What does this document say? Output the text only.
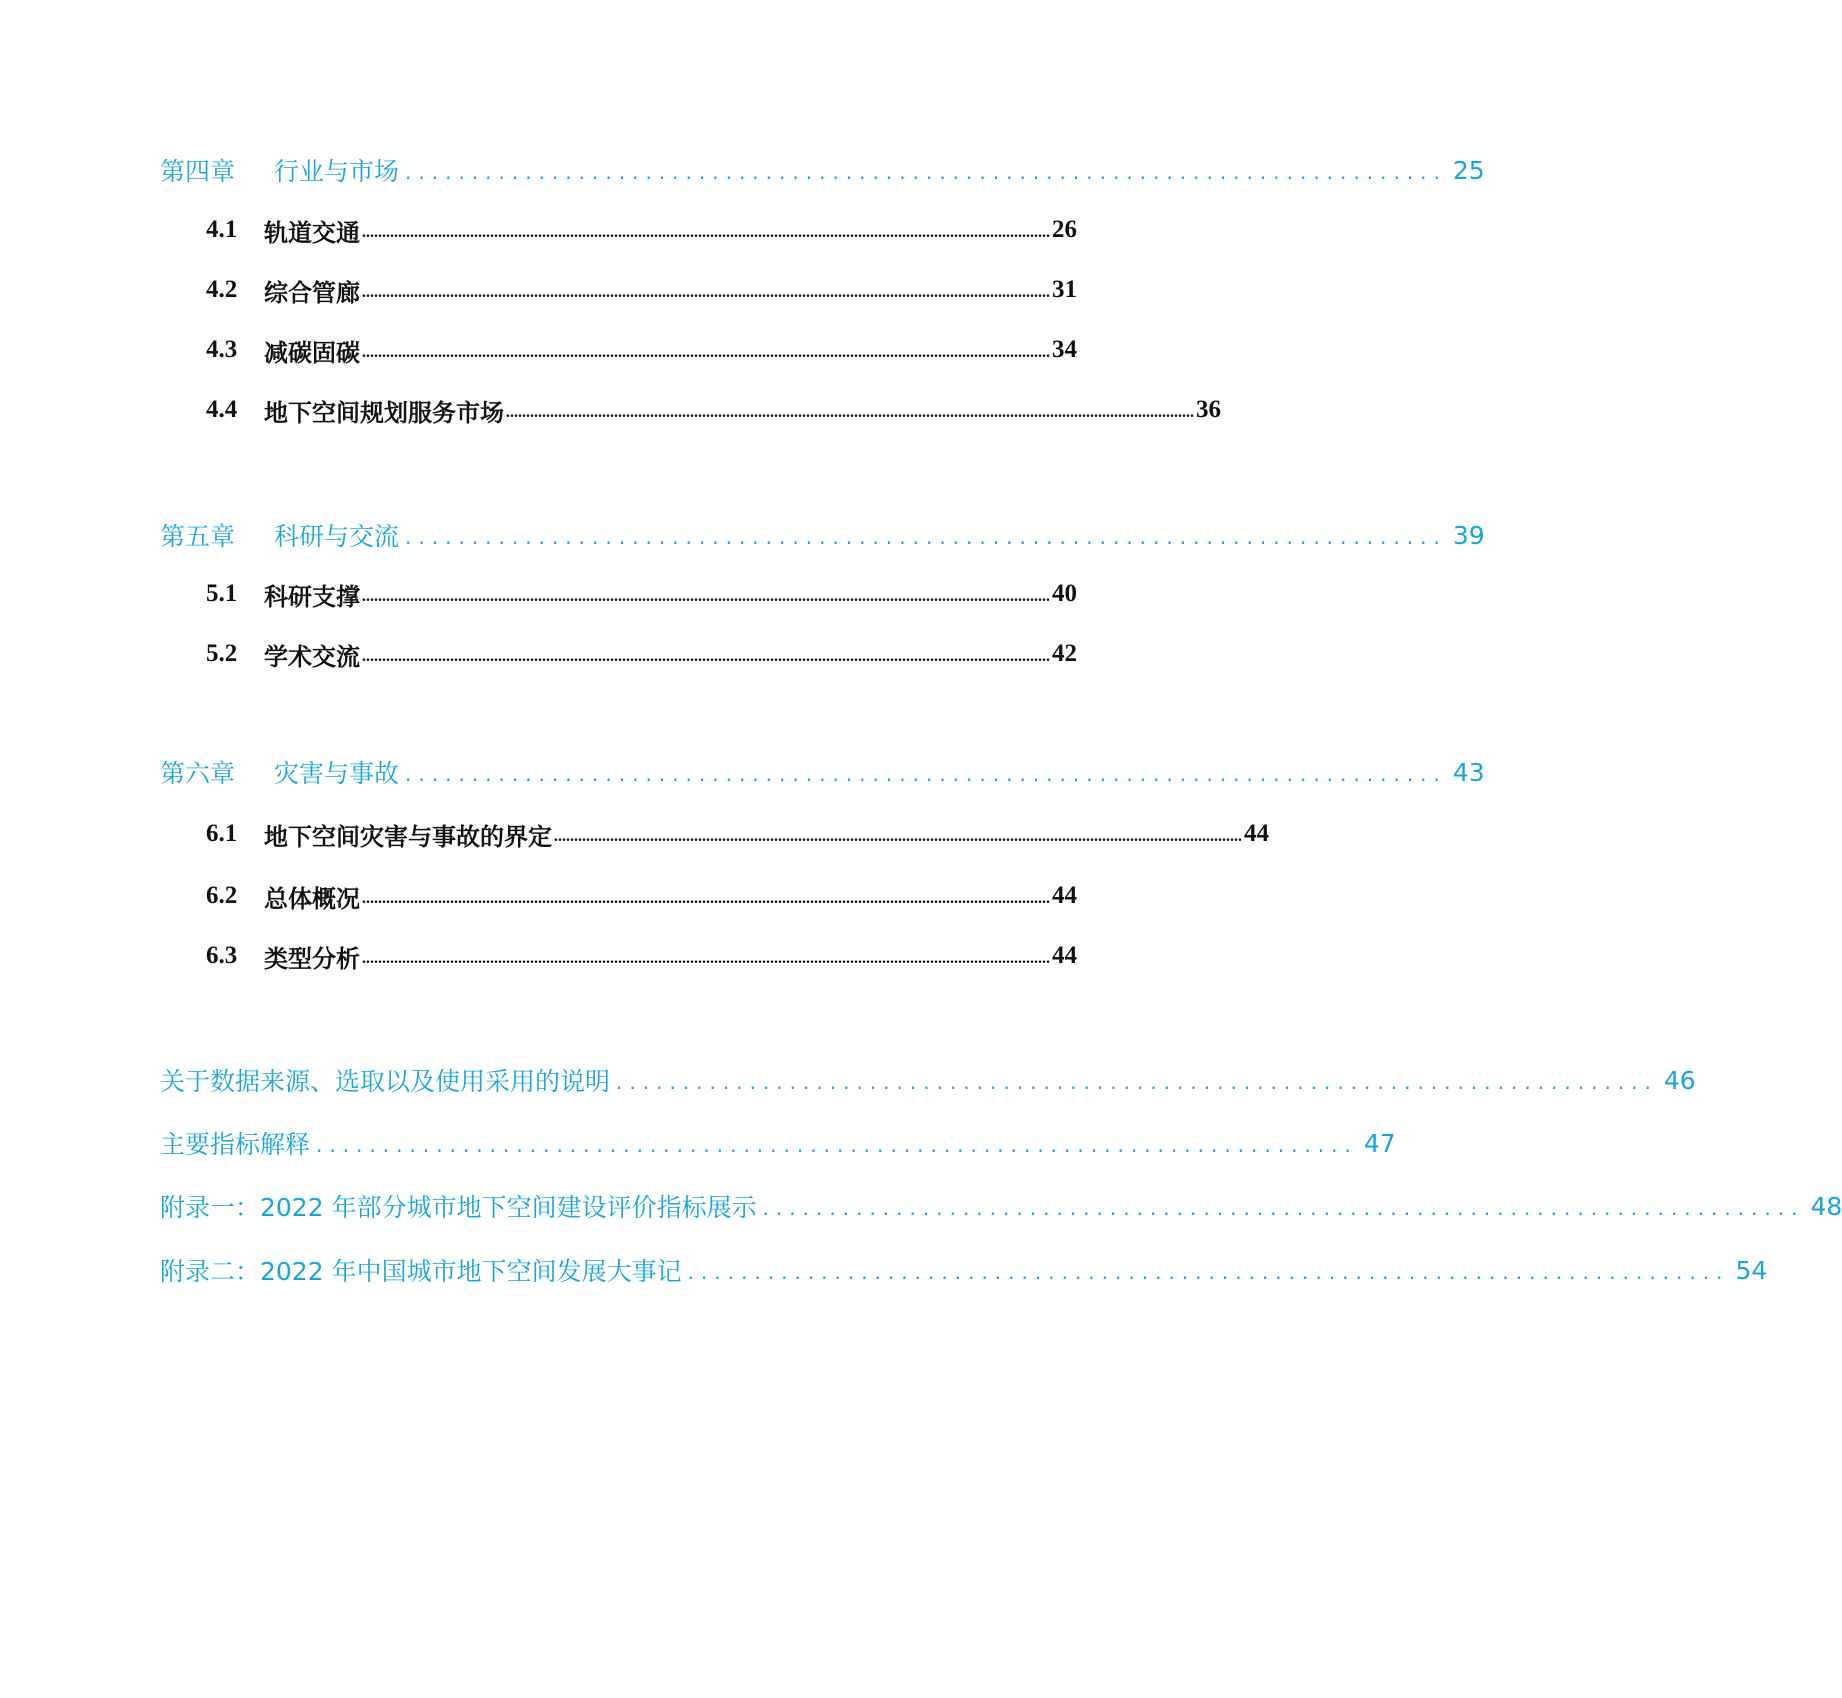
第四章	行业与市场 .............................................................................. 25
4.1	轨道交通 ............................................................................................................................................................................ 26
4.2	综合管廊 ............................................................................................................................................................................ 31
4.3	减碳固碳 ............................................................................................................................................................................ 34
4.4	地下空间规划服务市场 ............................................................................................................................................................................ 36
第五章	科研与交流 .............................................................................. 39
5.1	科研支撑 ............................................................................................................................................................................ 40
5.2	学术交流 ............................................................................................................................................................................ 42
第六章	灾害与事故 .............................................................................. 43
6.1	地下空间灾害与事故的界定 ............................................................................................................................................................................ 44
6.2	总体概况 ............................................................................................................................................................................ 44
6.3	类型分析 ............................................................................................................................................................................ 44
关于数据来源、选取以及使用采用的说明 .............................................................................. 46
主要指标解释 .............................................................................. 47
附录一：2022 年部分城市地下空间建设评价指标展示 .............................................................................. 48
附录二：2022 年中国城市地下空间发展大事记 .............................................................................. 54
